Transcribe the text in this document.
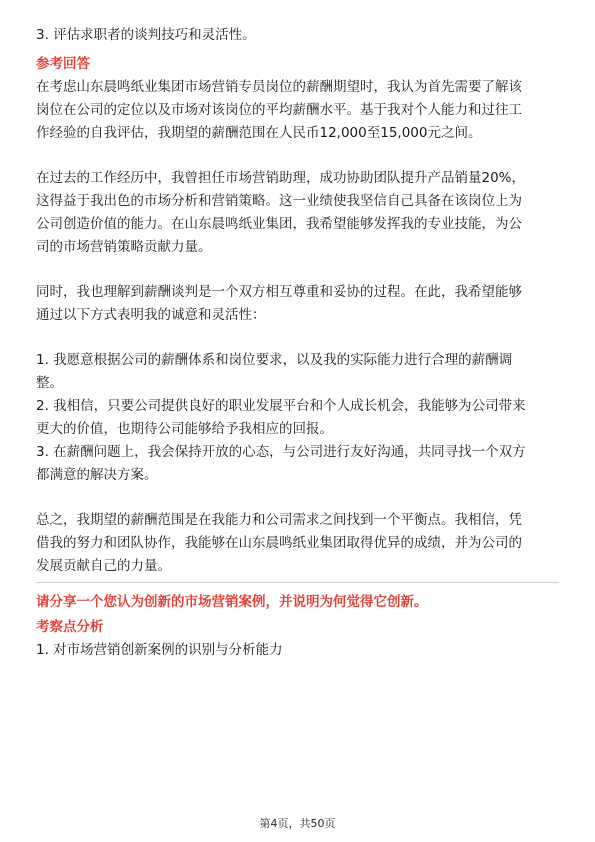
3. 评估求职者的谈判技巧和灵活性。

参考回答

在考虑山东晨鸣纸业集团市场营销专员岗位的薪酬期望时，我认为首先需要了解该

岗位在公司的定位以及市场对该岗位的平均薪酬水平。基于我对个人能力和过往工

作经验的自我评估，我期望的薪酬范围在人民币12,000至15,000元之间。

在过去的工作经历中，我曾担任市场营销助理，成功协助团队提升产品销量20%，

这得益于我出色的市场分析和营销策略。这一业绩使我坚信自己具备在该岗位上为

公司创造价值的能力。在山东晨鸣纸业集团，我希望能够发挥我的专业技能，为公

司的市场营销策略贡献力量。

同时，我也理解到薪酬谈判是一个双方相互尊重和妥协的过程。在此，我希望能够

通过以下方式表明我的诚意和灵活性：

1. 我愿意根据公司的薪酬体系和岗位要求，以及我的实际能力进行合理的薪酬调

整。

2. 我相信，只要公司提供良好的职业发展平台和个人成长机会，我能够为公司带来

更大的价值，也期待公司能够给予我相应的回报。

3. 在薪酬问题上，我会保持开放的心态，与公司进行友好沟通，共同寻找一个双方

都满意的解决方案。

总之，我期望的薪酬范围是在我能力和公司需求之间找到一个平衡点。我相信，凭

借我的努力和团队协作，我能够在山东晨鸣纸业集团取得优异的成绩，并为公司的

发展贡献自己的力量。

请分享一个您认为创新的市场营销案例，并说明为何觉得它创新。

考察点分析

1. 对市场营销创新案例的识别与分析能力

第4页，共50页
